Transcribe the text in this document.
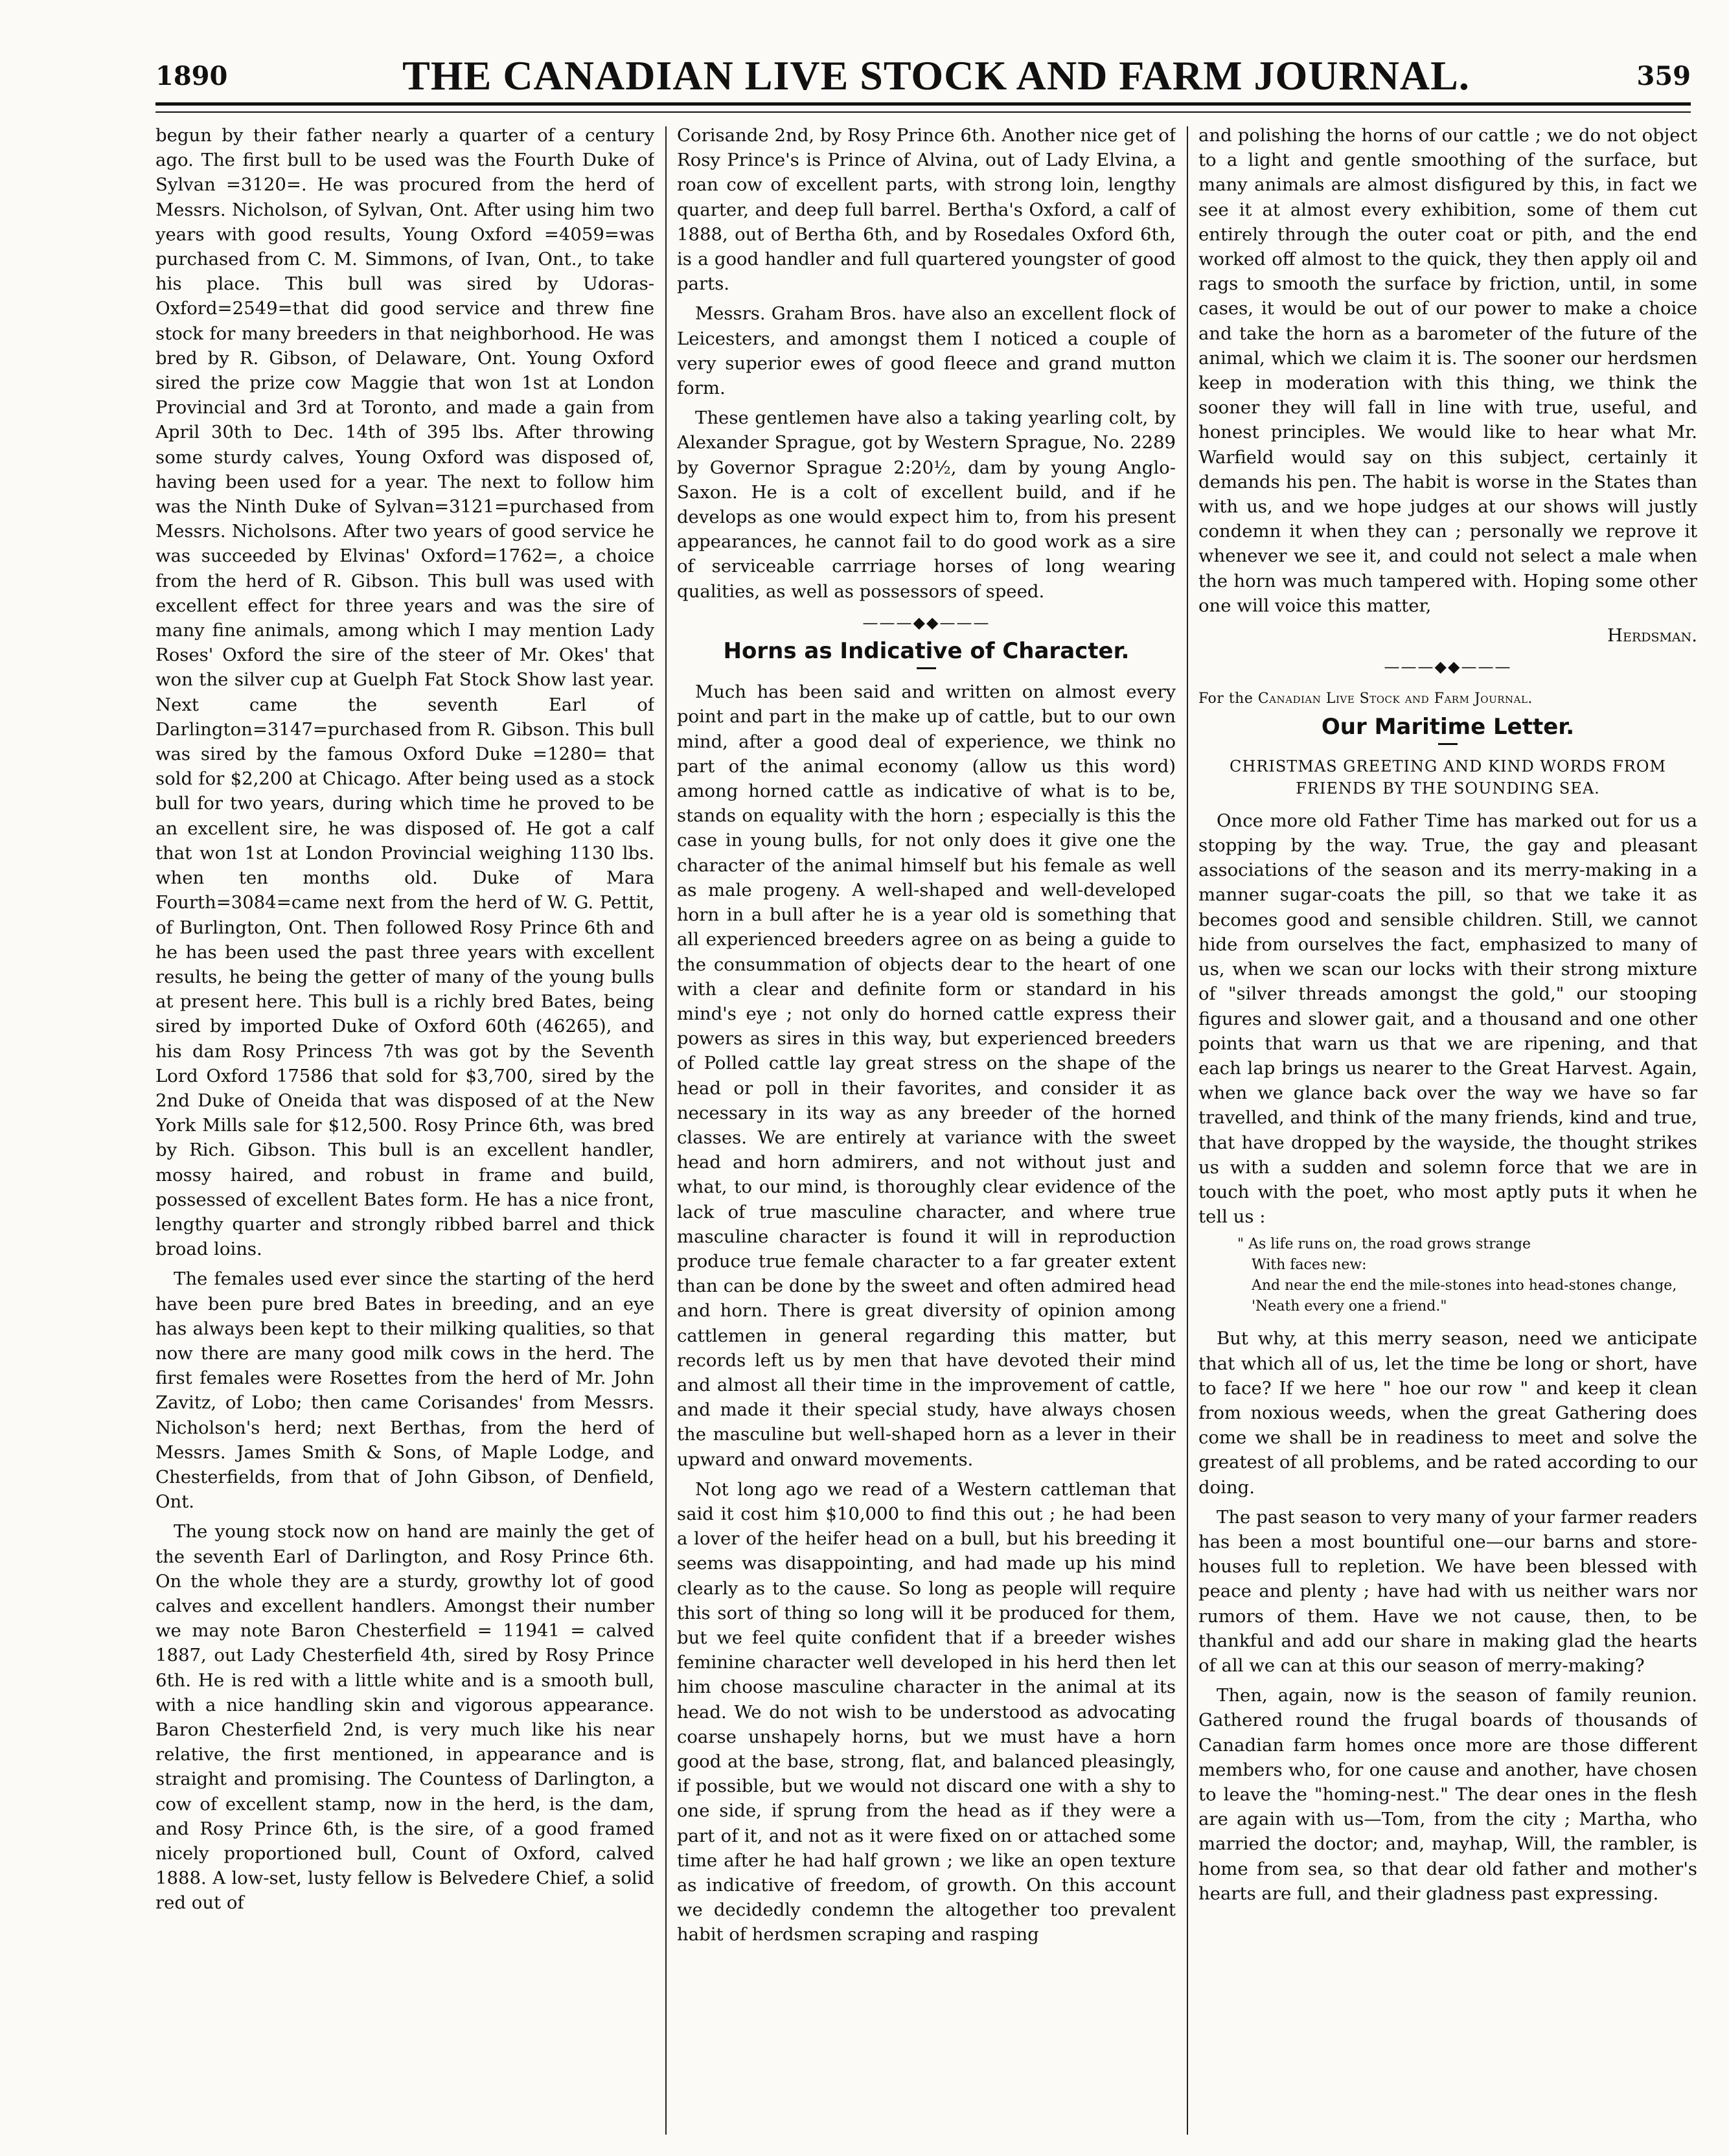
1890	THE CANADIAN LIVE STOCK AND FARM JOURNAL.	359

begun by their father nearly a quarter of a century ago. The first bull to be used was the Fourth Duke of Sylvan =3120=. He was procured from the herd of Messrs. Nicholson, of Sylvan, Ont. After using him two years with good results, Young Oxford =4059=was purchased from C. M. Simmons, of Ivan, Ont., to take his place. This bull was sired by Udoras-Oxford=2549=that did good service and threw fine stock for many breeders in that neighborhood. He was bred by R. Gibson, of Delaware, Ont. Young Oxford sired the prize cow Maggie that won 1st at London Provincial and 3rd at Toronto, and made a gain from April 30th to Dec. 14th of 395 lbs. After throwing some sturdy calves, Young Oxford was disposed of, having been used for a year. The next to follow him was the Ninth Duke of Sylvan=3121=purchased from Messrs. Nicholsons. After two years of good service he was succeeded by Elvinas' Oxford=1762=, a choice from the herd of R. Gibson. This bull was used with excellent effect for three years and was the sire of many fine animals, among which I may mention Lady Roses' Oxford the sire of the steer of Mr. Okes' that won the silver cup at Guelph Fat Stock Show last year. Next came the seventh Earl of Darlington=3147=purchased from R. Gibson. This bull was sired by the famous Oxford Duke =1280= that sold for $2,200 at Chicago. After being used as a stock bull for two years, during which time he proved to be an excellent sire, he was disposed of. He got a calf that won 1st at London Provincial weighing 1130 lbs. when ten months old. Duke of Mara Fourth=3084=came next from the herd of W. G. Pettit, of Burlington, Ont. Then followed Rosy Prince 6th and he has been used the past three years with excellent results, he being the getter of many of the young bulls at present here. This bull is a richly bred Bates, being sired by imported Duke of Oxford 60th (46265), and his dam Rosy Princess 7th was got by the Seventh Lord Oxford 17586 that sold for $3,700, sired by the 2nd Duke of Oneida that was disposed of at the New York Mills sale for $12,500. Rosy Prince 6th, was bred by Rich. Gibson. This bull is an excellent handler, mossy haired, and robust in frame and build, possessed of excellent Bates form. He has a nice front, lengthy quarter and strongly ribbed barrel and thick broad loins.

The females used ever since the starting of the herd have been pure bred Bates in breeding, and an eye has always been kept to their milking qualities, so that now there are many good milk cows in the herd. The first females were Rosettes from the herd of Mr. John Zavitz, of Lobo; then came Corisandes' from Messrs. Nicholson's herd; next Berthas, from the herd of Messrs. James Smith & Sons, of Maple Lodge, and Chesterfields, from that of John Gibson, of Denfield, Ont.

The young stock now on hand are mainly the get of the seventh Earl of Darlington, and Rosy Prince 6th. On the whole they are a sturdy, growthy lot of good calves and excellent handlers. Amongst their number we may note Baron Chesterfield = 11941 = calved 1887, out Lady Chesterfield 4th, sired by Rosy Prince 6th. He is red with a little white and is a smooth bull, with a nice handling skin and vigorous appearance. Baron Chesterfield 2nd, is very much like his near relative, the first mentioned, in appearance and is straight and promising. The Countess of Darlington, a cow of excellent stamp, now in the herd, is the dam, and Rosy Prince 6th, is the sire, of a good framed nicely proportioned bull, Count of Oxford, calved 1888. A low-set, lusty fellow is Belvedere Chief, a solid red out of

Corisande 2nd, by Rosy Prince 6th. Another nice get of Rosy Prince's is Prince of Alvina, out of Lady Elvina, a roan cow of excellent parts, with strong loin, lengthy quarter, and deep full barrel. Bertha's Oxford, a calf of 1888, out of Bertha 6th, and by Rosedales Oxford 6th, is a good handler and full quartered youngster of good parts.

Messrs. Graham Bros. have also an excellent flock of Leicesters, and amongst them I noticed a couple of very superior ewes of good fleece and grand mutton form.

These gentlemen have also a taking yearling colt, by Alexander Sprague, got by Western Sprague, No. 2289 by Governor Sprague 2:20½, dam by young Anglo-Saxon. He is a colt of excellent build, and if he develops as one would expect him to, from his present appearances, he cannot fail to do good work as a sire of serviceable carrriage horses of long wearing qualities, as well as possessors of speed.

———◆◆———
Horns as Indicative of Character.

Much has been said and written on almost every point and part in the make up of cattle, but to our own mind, after a good deal of experience, we think no part of the animal economy (allow us this word) among horned cattle as indicative of what is to be, stands on equality with the horn ; especially is this the case in young bulls, for not only does it give one the character of the animal himself but his female as well as male progeny. A well-shaped and well-developed horn in a bull after he is a year old is something that all experienced breeders agree on as being a guide to the consummation of objects dear to the heart of one with a clear and definite form or standard in his mind's eye ; not only do horned cattle express their powers as sires in this way, but experienced breeders of Polled cattle lay great stress on the shape of the head or poll in their favorites, and consider it as necessary in its way as any breeder of the horned classes. We are entirely at variance with the sweet head and horn admirers, and not without just and what, to our mind, is thoroughly clear evidence of the lack of true masculine character, and where true masculine character is found it will in reproduction produce true female character to a far greater extent than can be done by the sweet and often admired head and horn. There is great diversity of opinion among cattlemen in general regarding this matter, but records left us by men that have devoted their mind and almost all their time in the improvement of cattle, and made it their special study, have always chosen the masculine but well-shaped horn as a lever in their upward and onward movements.

Not long ago we read of a Western cattleman that said it cost him $10,000 to find this out ; he had been a lover of the heifer head on a bull, but his breeding it seems was disappointing, and had made up his mind clearly as to the cause. So long as people will require this sort of thing so long will it be produced for them, but we feel quite confident that if a breeder wishes feminine character well developed in his herd then let him choose masculine character in the animal at its head. We do not wish to be understood as advocating coarse unshapely horns, but we must have a horn good at the base, strong, flat, and balanced pleasingly, if possible, but we would not discard one with a shy to one side, if sprung from the head as if they were a part of it, and not as it were fixed on or attached some time after he had half grown ; we like an open texture as indicative of freedom, of growth. On this account we decidedly condemn the altogether too prevalent habit of herdsmen scraping and rasping

and polishing the horns of our cattle ; we do not object to a light and gentle smoothing of the surface, but many animals are almost disfigured by this, in fact we see it at almost every exhibition, some of them cut entirely through the outer coat or pith, and the end worked off almost to the quick, they then apply oil and rags to smooth the surface by friction, until, in some cases, it would be out of our power to make a choice and take the horn as a barometer of the future of the animal, which we claim it is. The sooner our herdsmen keep in moderation with this thing, we think the sooner they will fall in line with true, useful, and honest principles. We would like to hear what Mr. Warfield would say on this subject, certainly it demands his pen. The habit is worse in the States than with us, and we hope judges at our shows will justly condemn it when they can ; personally we reprove it whenever we see it, and could not select a male when the horn was much tampered with. Hoping some other one will voice this matter,

Herdsman.
———◆◆———
For the Canadian Live Stock and Farm Journal.
Our Maritime Letter.
CHRISTMAS GREETING AND KIND WORDS FROM FRIENDS BY THE SOUNDING SEA.

Once more old Father Time has marked out for us a stopping by the way. True, the gay and pleasant associations of the season and its merry-making in a manner sugar-coats the pill, so that we take it as becomes good and sensible children. Still, we cannot hide from ourselves the fact, emphasized to many of us, when we scan our locks with their strong mixture of "silver threads amongst the gold," our stooping figures and slower gait, and a thousand and one other points that warn us that we are ripening, and that each lap brings us nearer to the Great Harvest. Again, when we glance back over the way we have so far travelled, and think of the many friends, kind and true, that have dropped by the wayside, the thought strikes us with a sudden and solemn force that we are in touch with the poet, who most aptly puts it when he tell us :

" As life runs on, the road grows strange
With faces new:
And near the end the mile-stones into head-stones change,
'Neath every one a friend."

But why, at this merry season, need we anticipate that which all of us, let the time be long or short, have to face? If we here " hoe our row " and keep it clean from noxious weeds, when the great Gathering does come we shall be in readiness to meet and solve the greatest of all problems, and be rated according to our doing.

The past season to very many of your farmer readers has been a most bountiful one—our barns and store-houses full to repletion. We have been blessed with peace and plenty ; have had with us neither wars nor rumors of them. Have we not cause, then, to be thankful and add our share in making glad the hearts of all we can at this our season of merry-making?

Then, again, now is the season of family reunion. Gathered round the frugal boards of thousands of Canadian farm homes once more are those different members who, for one cause and another, have chosen to leave the "homing-nest." The dear ones in the flesh are again with us—Tom, from the city ; Martha, who married the doctor; and, mayhap, Will, the rambler, is home from sea, so that dear old father and mother's hearts are full, and their gladness past expressing.
